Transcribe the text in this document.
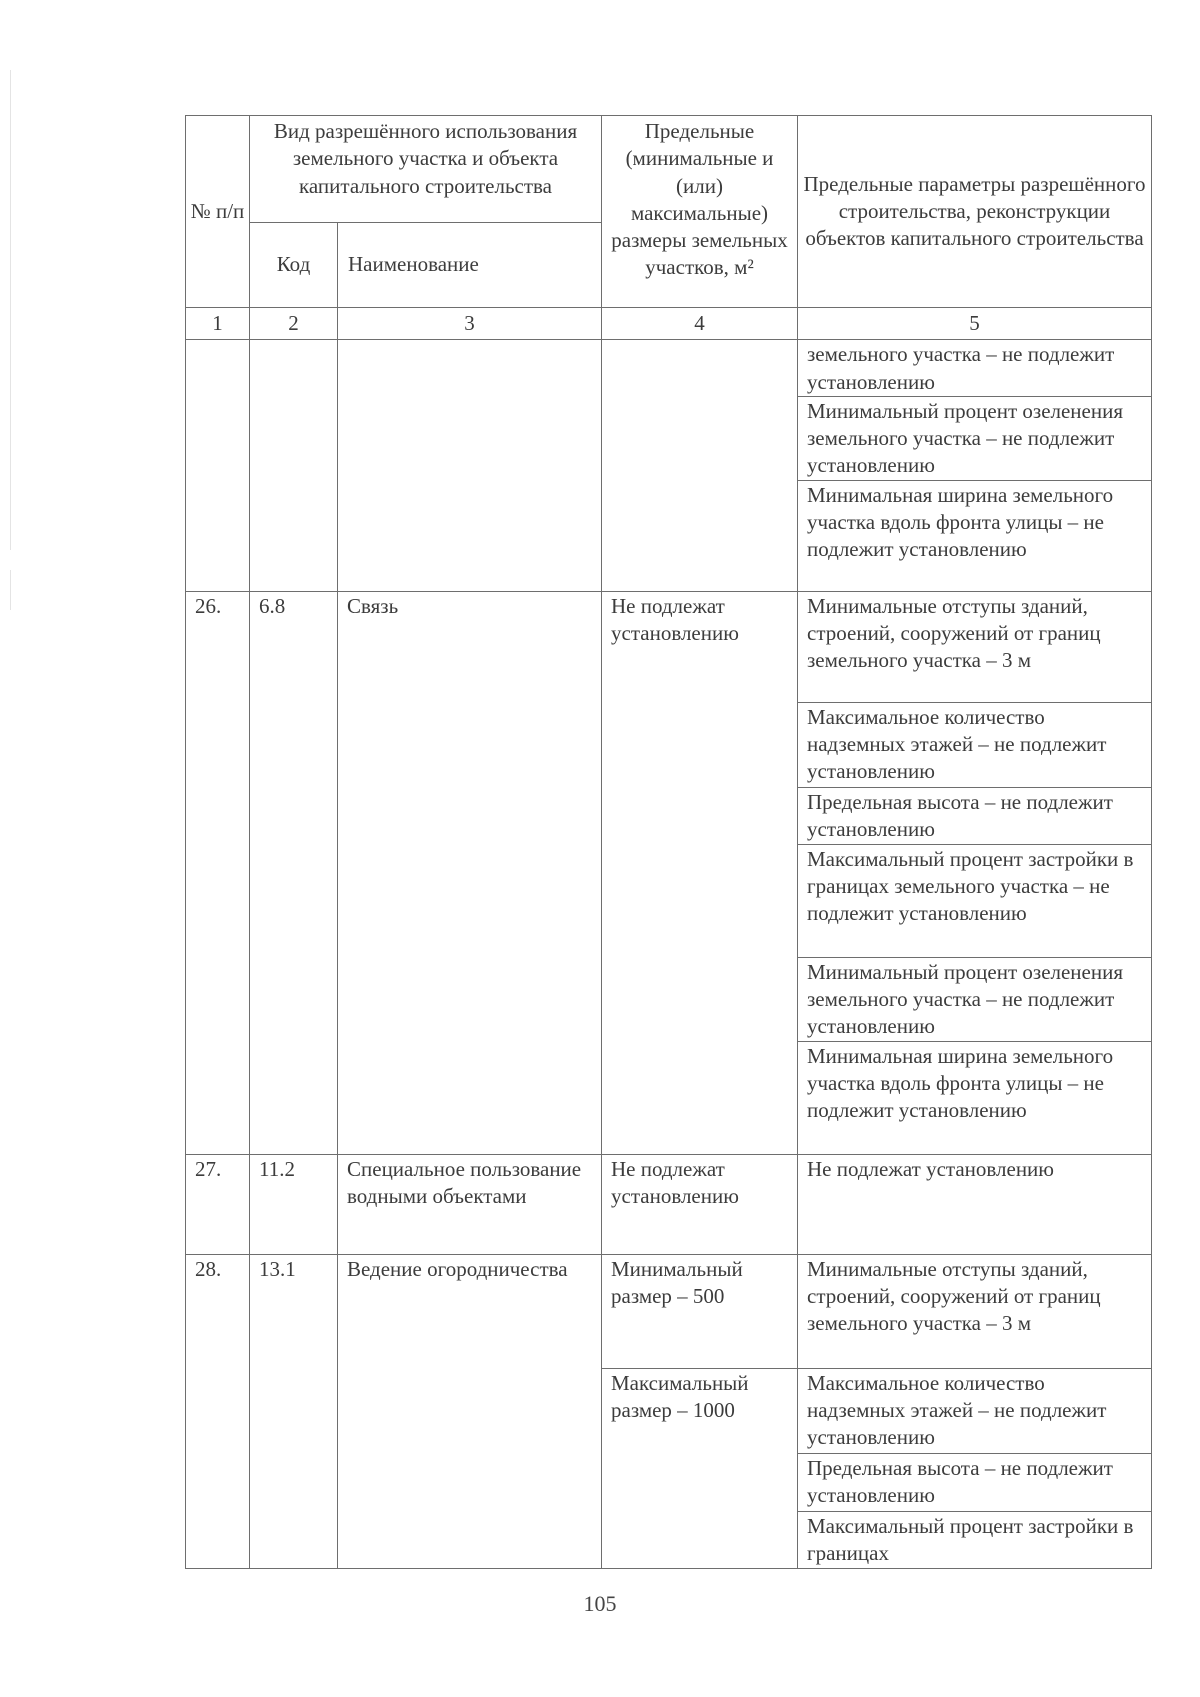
№ п/п	Вид разрешённого использования земельного участка и объекта капитального строительства		Предельные (минимальные и (или) максимальные) размеры земельных участков, м²	Предельные параметры разрешённого строительства, реконструкции объектов капитального строительства
	Код	Наименование		
1	2	3	4	5
				земельного участка – не подлежит установлению
				Минимальный процент озеленения земельного участка – не подлежит установлению
				Минимальная ширина земельного участка вдоль фронта улицы – не подлежит установлению
26.	6.8	Связь	Не подлежат установлению	Минимальные отступы зданий, строений, сооружений от границ земельного участка – 3 м
				Максимальное количество надземных этажей – не подлежит установлению
				Предельная высота – не подлежит установлению
				Максимальный процент застройки в границах земельного участка – не подлежит установлению
				Минимальный процент озеленения земельного участка – не подлежит установлению
				Минимальная ширина земельного участка вдоль фронта улицы – не подлежит установлению
27.	11.2	Специальное пользование водными объектами	Не подлежат установлению	Не подлежат установлению
28.	13.1	Ведение огородничества	Минимальный размер – 500	Минимальные отступы зданий, строений, сооружений от границ земельного участка – 3 м
			Максимальный размер – 1000	Максимальное количество надземных этажей – не подлежит установлению
				Предельная высота – не подлежит установлению
				Максимальный процент застройки в границах
105
